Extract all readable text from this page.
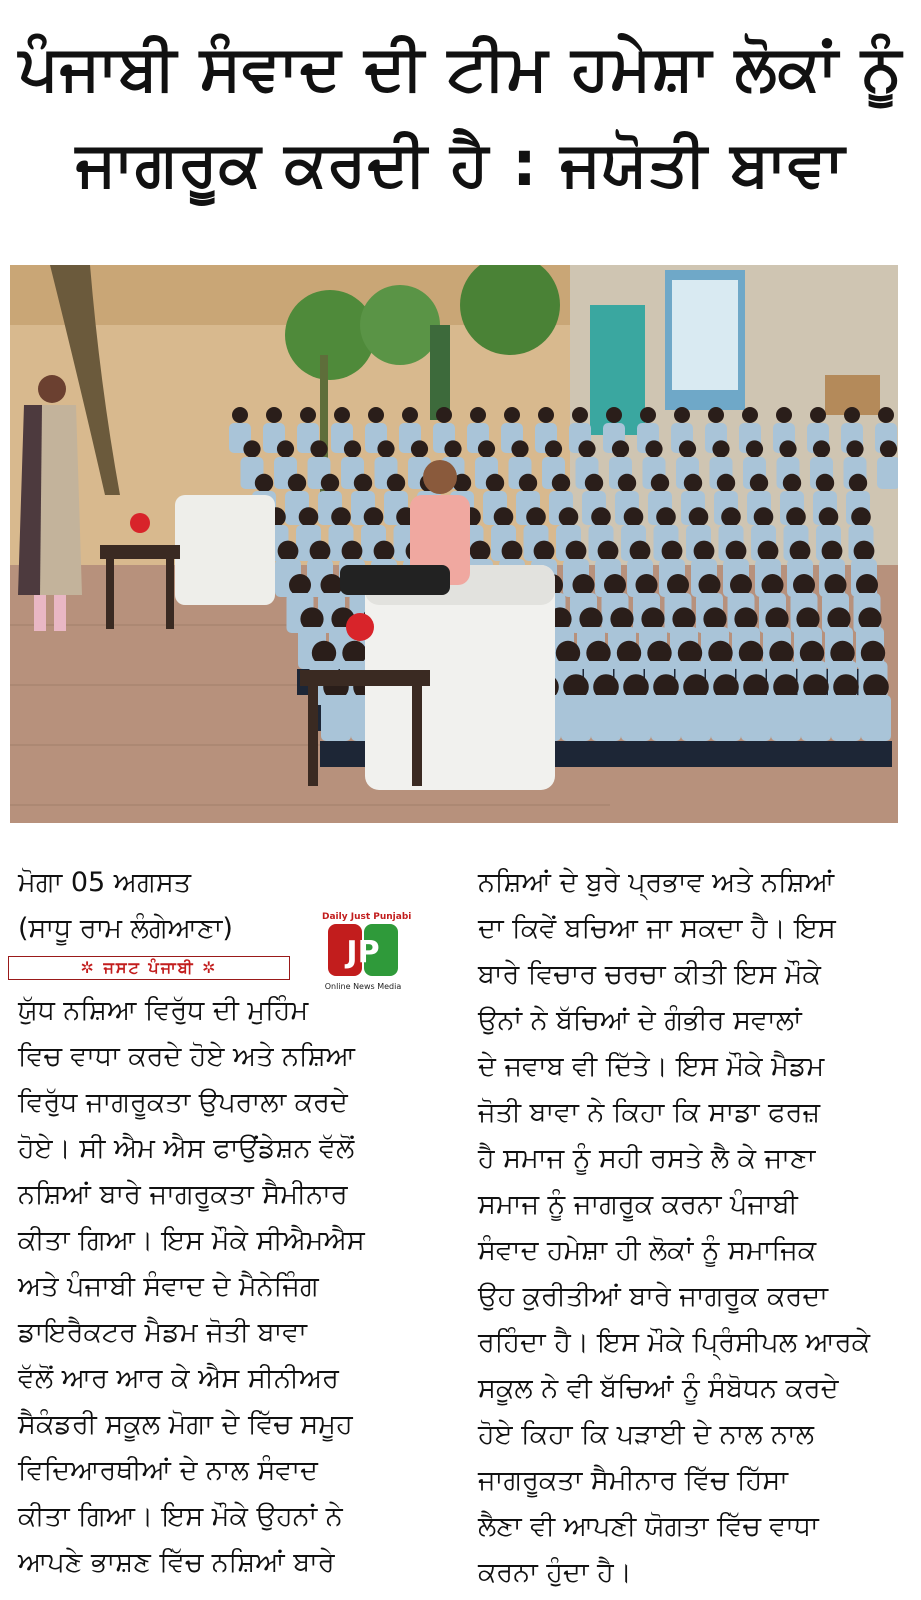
ਪੰਜਾਬੀ ਸੰਵਾਦ ਦੀ ਟੀਮ ਹਮੇਸ਼ਾ ਲੋਕਾਂ ਨੂੰ
ਜਾਗਰੂਕ ਕਰਦੀ ਹੈ : ਜਯੋਤੀ ਬਾਵਾ
ਮੋਗਾ 05 ਅਗਸਤ
(ਸਾਧੂ ਰਾਮ ਲੰਗੇਆਣਾ)
✲ ਜਸਟ ਪੰਜਾਬੀ ✲
Daily Just Punjabi
JP
Online News Media

ਯੁੱਧ ਨਸ਼ਿਆ ਵਿਰੁੱਧ ਦੀ ਮੁਹਿੰਮ

ਵਿਚ ਵਾਧਾ ਕਰਦੇ ਹੋਏ ਅਤੇ ਨਸ਼ਿਆ

ਵਿਰੁੱਧ ਜਾਗਰੂਕਤਾ ਉਪਰਾਲਾ ਕਰਦੇ

ਹੋਏ। ਸੀ ਐਮ ਐਸ ਫਾਉਂਡੇਸ਼ਨ ਵੱਲੋਂ

ਨਸ਼ਿਆਂ ਬਾਰੇ ਜਾਗਰੂਕਤਾ ਸੈਮੀਨਾਰ

ਕੀਤਾ ਗਿਆ। ਇਸ ਮੌਕੇ ਸੀਐਮਐਸ

ਅਤੇ ਪੰਜਾਬੀ ਸੰਵਾਦ ਦੇ ਮੈਨੇਜਿੰਗ

ਡਾਇਰੈਕਟਰ ਮੈਡਮ ਜੋਤੀ ਬਾਵਾ

ਵੱਲੋਂ ਆਰ ਆਰ ਕੇ ਐਸ ਸੀਨੀਅਰ

ਸੈਕੰਡਰੀ ਸਕੂਲ ਮੋਗਾ ਦੇ ਵਿੱਚ ਸਮੂਹ

ਵਿਦਿਆਰਥੀਆਂ ਦੇ ਨਾਲ ਸੰਵਾਦ

ਕੀਤਾ ਗਿਆ। ਇਸ ਮੌਕੇ ਉਹਨਾਂ ਨੇ

ਆਪਣੇ ਭਾਸ਼ਣ ਵਿੱਚ ਨਸ਼ਿਆਂ ਬਾਰੇ

ਨਸ਼ਿਆਂ ਦੇ ਬੁਰੇ ਪ੍ਰਭਾਵ ਅਤੇ ਨਸ਼ਿਆਂ

ਦਾ ਕਿਵੇਂ ਬਚਿਆ ਜਾ ਸਕਦਾ ਹੈ। ਇਸ

ਬਾਰੇ ਵਿਚਾਰ ਚਰਚਾ ਕੀਤੀ ਇਸ ਮੌਕੇ

ਉਨਾਂ ਨੇ ਬੱਚਿਆਂ ਦੇ ਗੰਭੀਰ ਸਵਾਲਾਂ

ਦੇ ਜਵਾਬ ਵੀ ਦਿੱਤੇ। ਇਸ ਮੌਕੇ ਮੈਡਮ

ਜੋਤੀ ਬਾਵਾ ਨੇ ਕਿਹਾ ਕਿ ਸਾਡਾ ਫਰਜ਼

ਹੈ ਸਮਾਜ ਨੂੰ ਸਹੀ ਰਸਤੇ ਲੈ ਕੇ ਜਾਣਾ

ਸਮਾਜ ਨੂੰ ਜਾਗਰੂਕ ਕਰਨਾ ਪੰਜਾਬੀ

ਸੰਵਾਦ ਹਮੇਸ਼ਾ ਹੀ ਲੋਕਾਂ ਨੂੰ ਸਮਾਜਿਕ

ਉਹ ਕੁਰੀਤੀਆਂ ਬਾਰੇ ਜਾਗਰੂਕ ਕਰਦਾ

ਰਹਿੰਦਾ ਹੈ। ਇਸ ਮੌਕੇ ਪ੍ਰਿੰਸੀਪਲ ਆਰਕੇ

ਸਕੂਲ ਨੇ ਵੀ ਬੱਚਿਆਂ ਨੂੰ ਸੰਬੋਧਨ ਕਰਦੇ

ਹੋਏ ਕਿਹਾ ਕਿ ਪੜਾਈ ਦੇ ਨਾਲ ਨਾਲ

ਜਾਗਰੂਕਤਾ ਸੈਮੀਨਾਰ ਵਿੱਚ ਹਿੱਸਾ

ਲੈਣਾ ਵੀ ਆਪਣੀ ਯੋਗਤਾ ਵਿੱਚ ਵਾਧਾ

ਕਰਨਾ ਹੁੰਦਾ ਹੈ।
